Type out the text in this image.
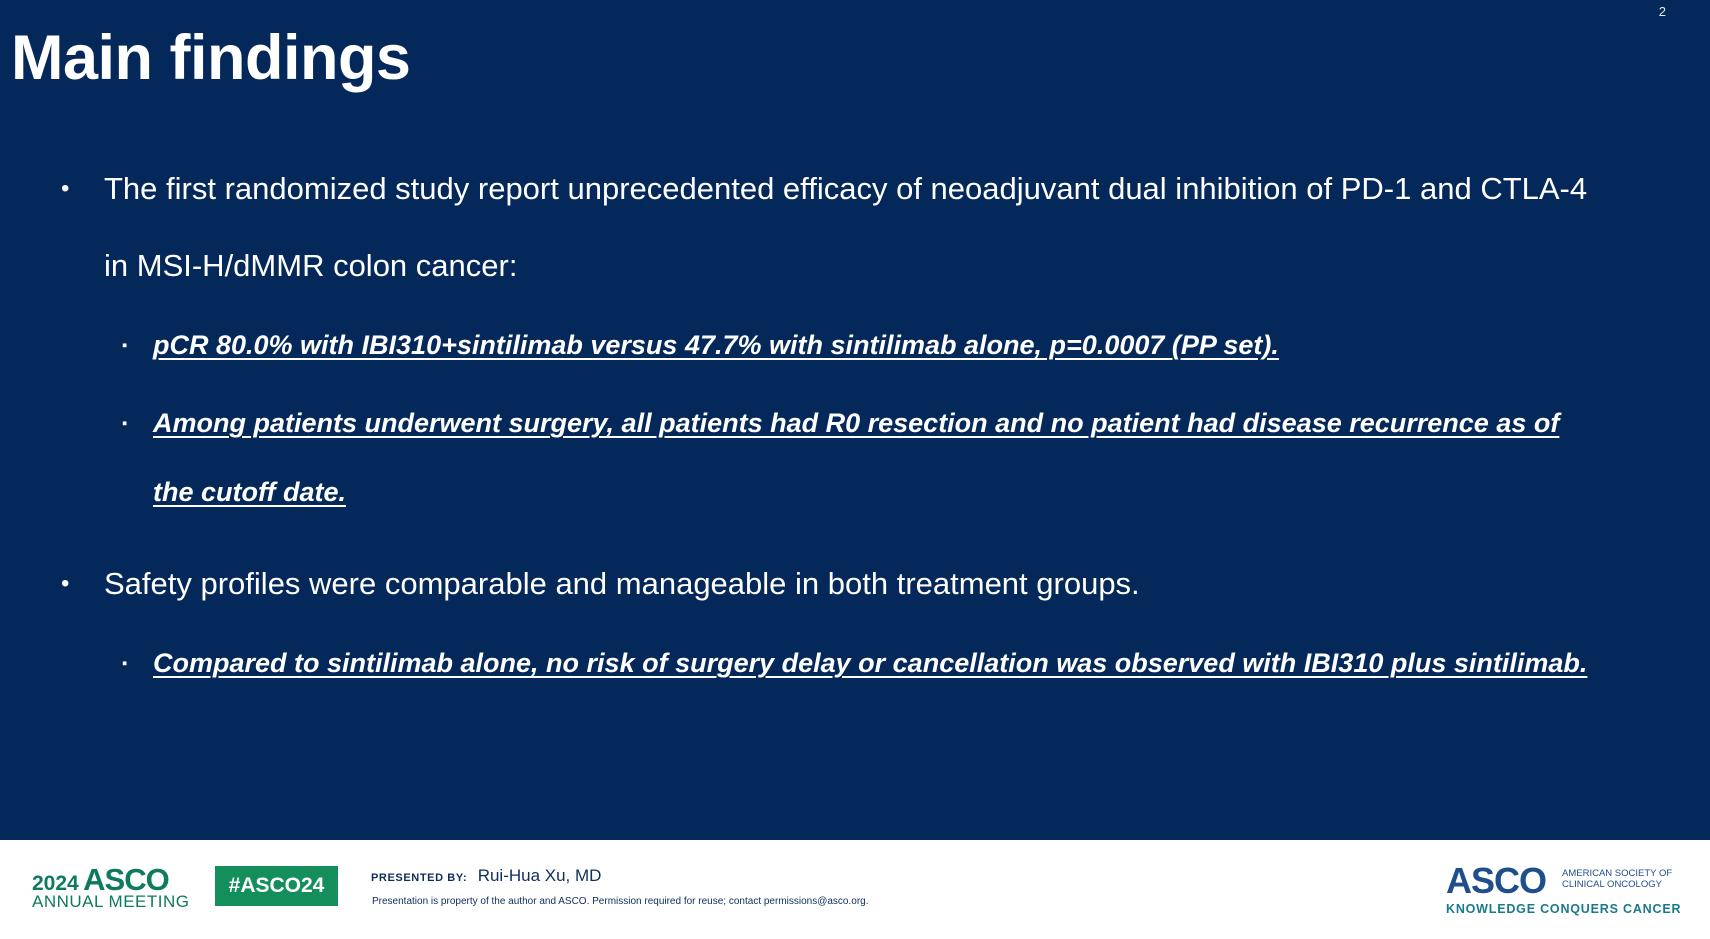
2
Main findings
• The first randomized study report unprecedented efficacy of neoadjuvant dual inhibition of PD-1 and CTLA-4
in MSI-H/dMMR colon cancer:
▪ pCR 80.0% with IBI310+sintilimab versus 47.7% with sintilimab alone, p=0.0007 (PP set).
▪ Among patients underwent surgery, all patients had R0 resection and no patient had disease recurrence as of
the cutoff date.
• Safety profiles were comparable and manageable in both treatment groups.
▪ Compared to sintilimab alone, no risk of surgery delay or cancellation was observed with IBI310 plus sintilimab.
2024 ASCO
ANNUAL MEETING
#ASCO24	PRESENTED BY: Rui-Hua Xu, MD
Presentation is property of the author and ASCO. Permission required for reuse; contact permissions@asco.org.
ASCO AMERICAN SOCIETY OF
CLINICAL ONCOLOGY
KNOWLEDGE CONQUERS CANCER
